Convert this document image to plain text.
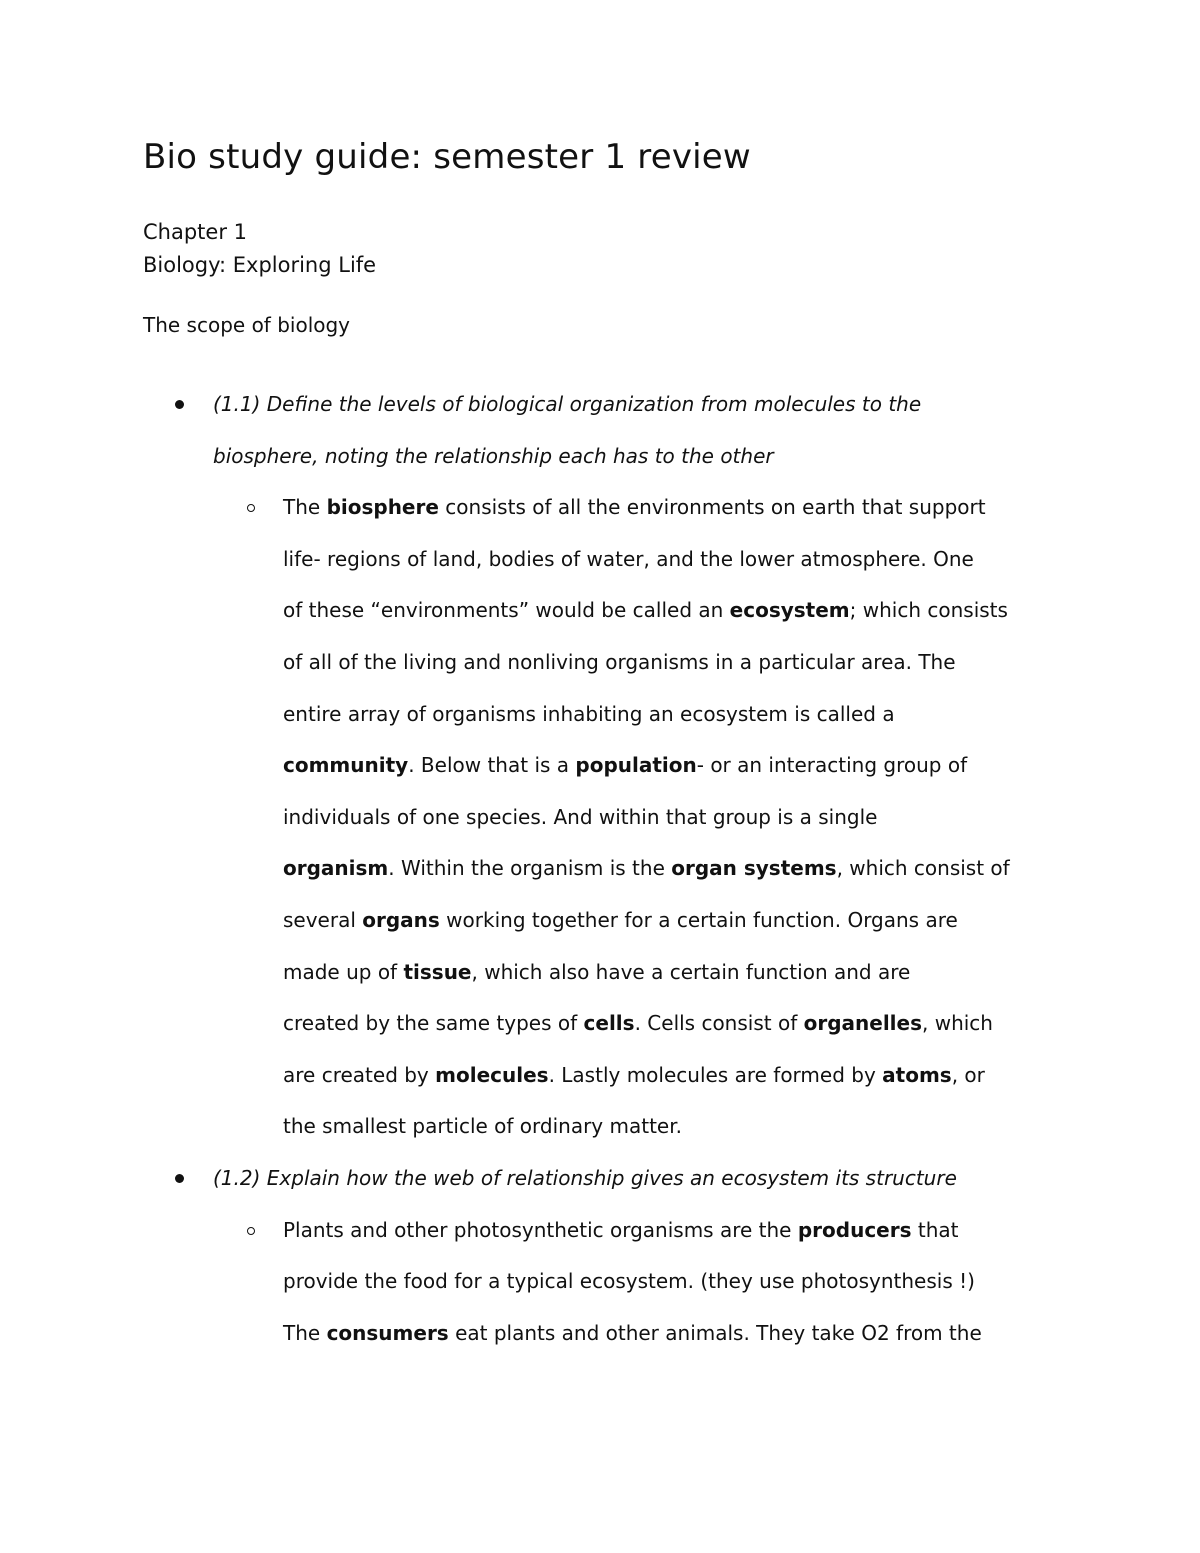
Bio study guide: semester 1 review

Chapter 1

Biology: Exploring Life

The scope of biology

(1.1) Define the levels of biological organization from molecules to the

biosphere, noting the relationship each has to the other

The biosphere consists of all the environments on earth that support

life- regions of land, bodies of water, and the lower atmosphere. One

of these “environments” would be called an ecosystem; which consists

of all of the living and nonliving organisms in a particular area. The

entire array of organisms inhabiting an ecosystem is called a

community. Below that is a population- or an interacting group of

individuals of one species. And within that group is a single

organism. Within the organism is the organ systems, which consist of

several organs working together for a certain function. Organs are

made up of tissue, which also have a certain function and are

created by the same types of cells. Cells consist of organelles, which

are created by molecules. Lastly molecules are formed by atoms, or

the smallest particle of ordinary matter.

(1.2) Explain how the web of relationship gives an ecosystem its structure

Plants and other photosynthetic organisms are the producers that

provide the food for a typical ecosystem. (they use photosynthesis !)

The consumers eat plants and other animals. They take O2 from the
